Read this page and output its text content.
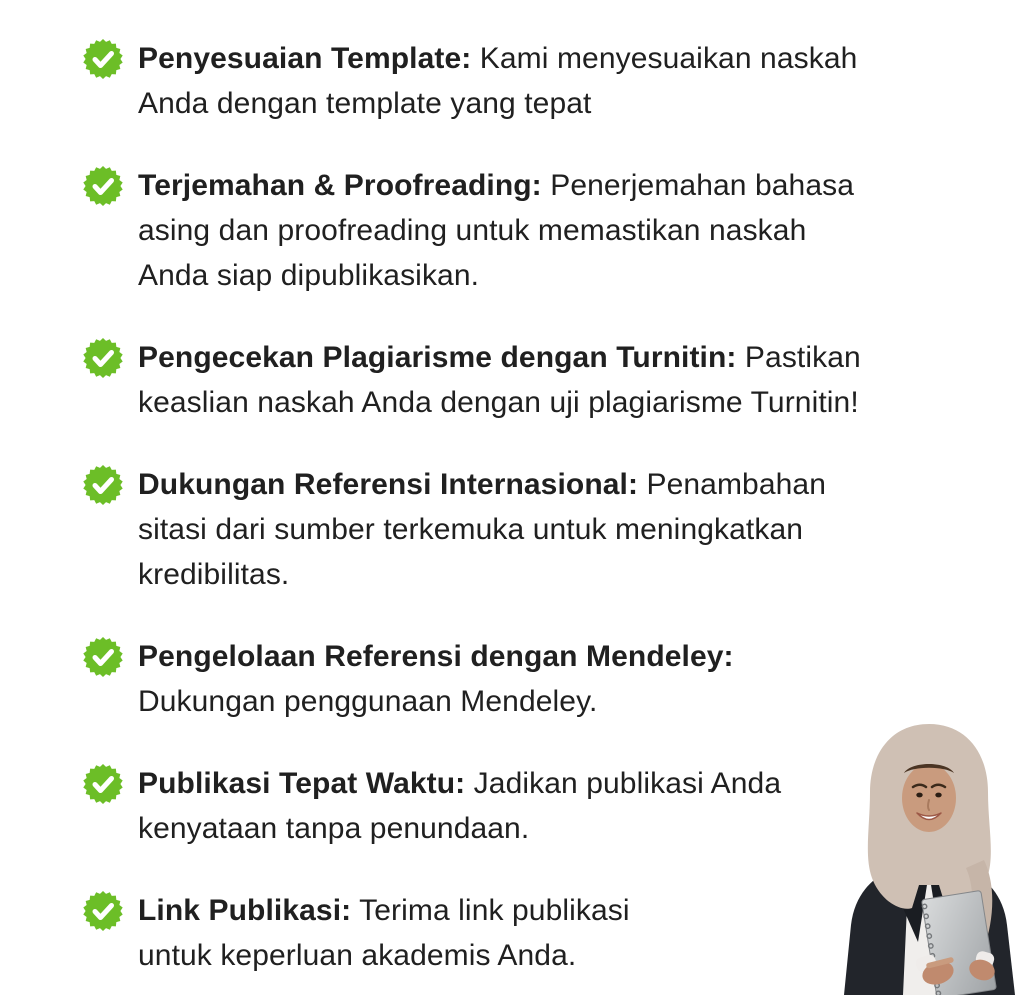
Penyesuaian Template: Kami menyesuaikan naskah
Anda dengan template yang tepat

Terjemahan & Proofreading: Penerjemahan bahasa
asing dan proofreading untuk memastikan naskah
Anda siap dipublikasikan.

Pengecekan Plagiarisme dengan Turnitin: Pastikan
keaslian naskah Anda dengan uji plagiarisme Turnitin!

Dukungan Referensi Internasional: Penambahan
sitasi dari sumber terkemuka untuk meningkatkan
kredibilitas.

Pengelolaan Referensi dengan Mendeley:
Dukungan penggunaan Mendeley.

Publikasi Tepat Waktu: Jadikan publikasi Anda
kenyataan tanpa penundaan.

Link Publikasi: Terima link publikasi
untuk keperluan akademis Anda.
